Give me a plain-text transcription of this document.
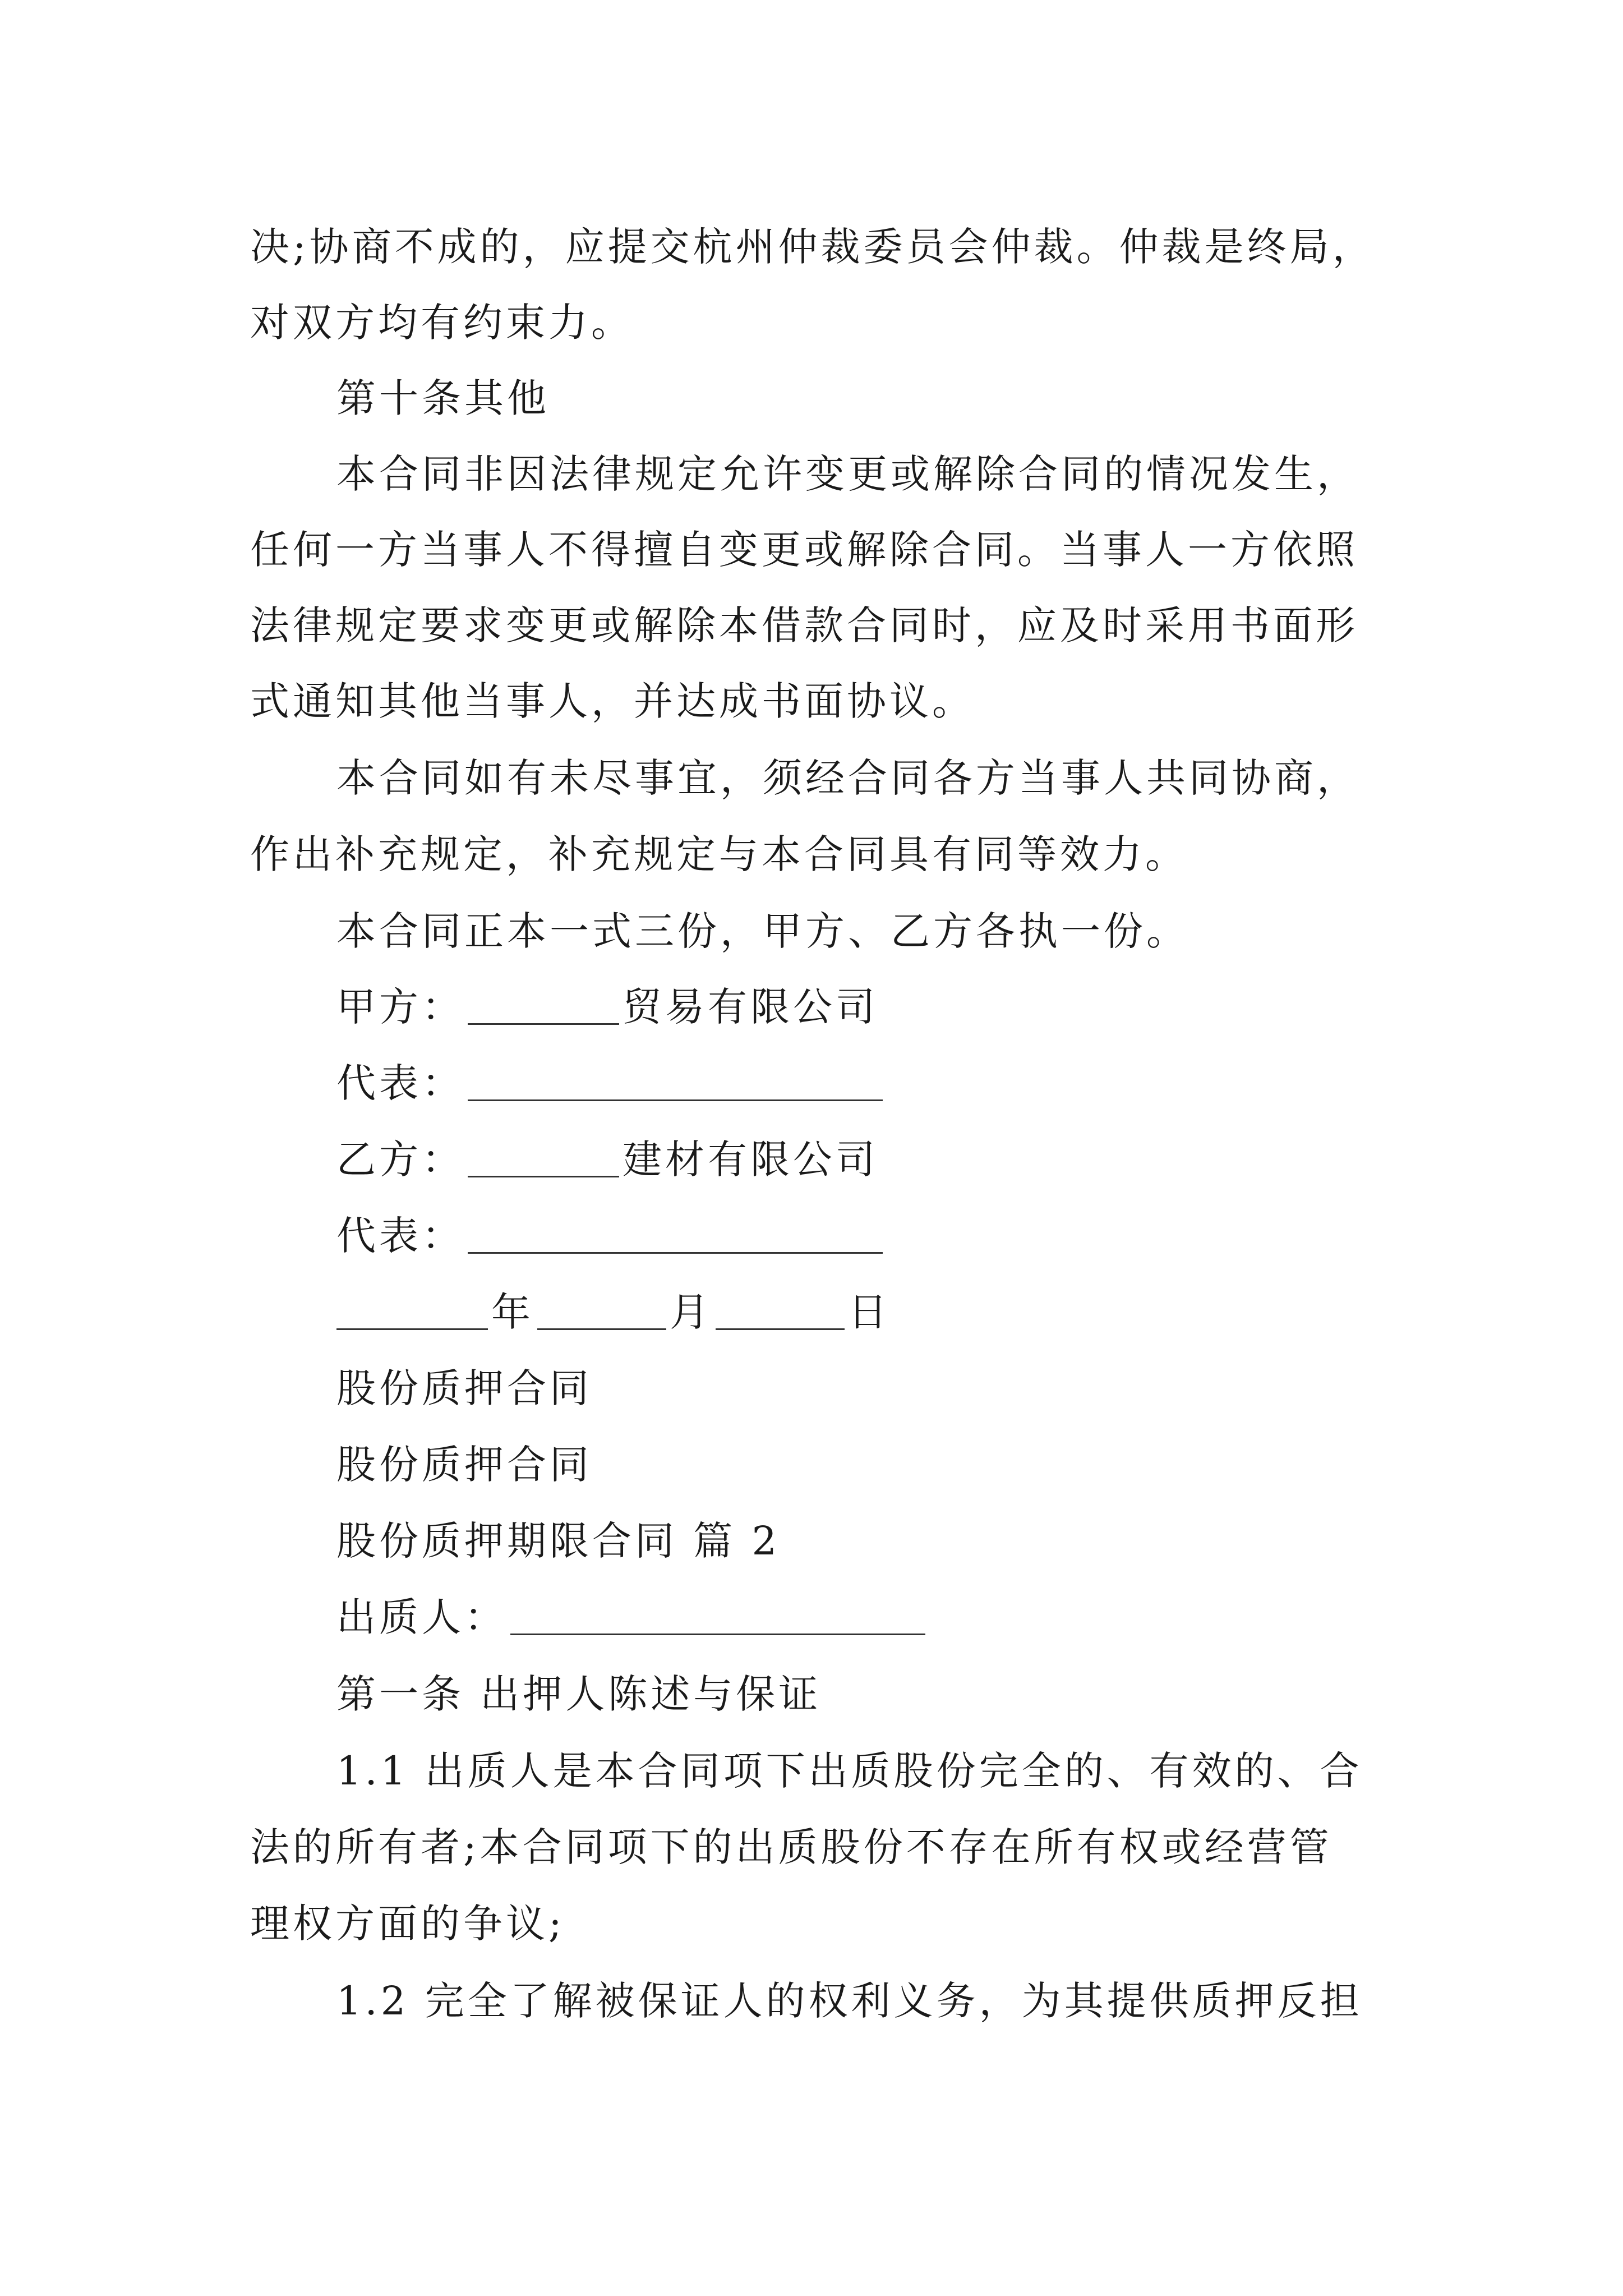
决;协商不成的，应提交杭州仲裁委员会仲裁。仲裁是终局，
对双方均有约束力。
第十条其他
本合同非因法律规定允许变更或解除合同的情况发生，
任何一方当事人不得擅自变更或解除合同。当事人一方依照
法律规定要求变更或解除本借款合同时，应及时采用书面形
式通知其他当事人，并达成书面协议。
本合同如有未尽事宜，须经合同各方当事人共同协商，
作出补充规定，补充规定与本合同具有同等效力。
本合同正本一式三份，甲方、乙方各执一份。
甲方：	贸易有限公司
代表：
乙方：	建材有限公司
代表：
年	月	日
股份质押合同
股份质押合同
股份质押期限合同 篇 2
出质人：
第一条 出押人陈述与保证
1.1 出质人是本合同项下出质股份完全的、有效的、合
法的所有者;本合同项下的出质股份不存在所有权或经营管
理权方面的争议;
1.2 完全了解被保证人的权利义务，为其提供质押反担
